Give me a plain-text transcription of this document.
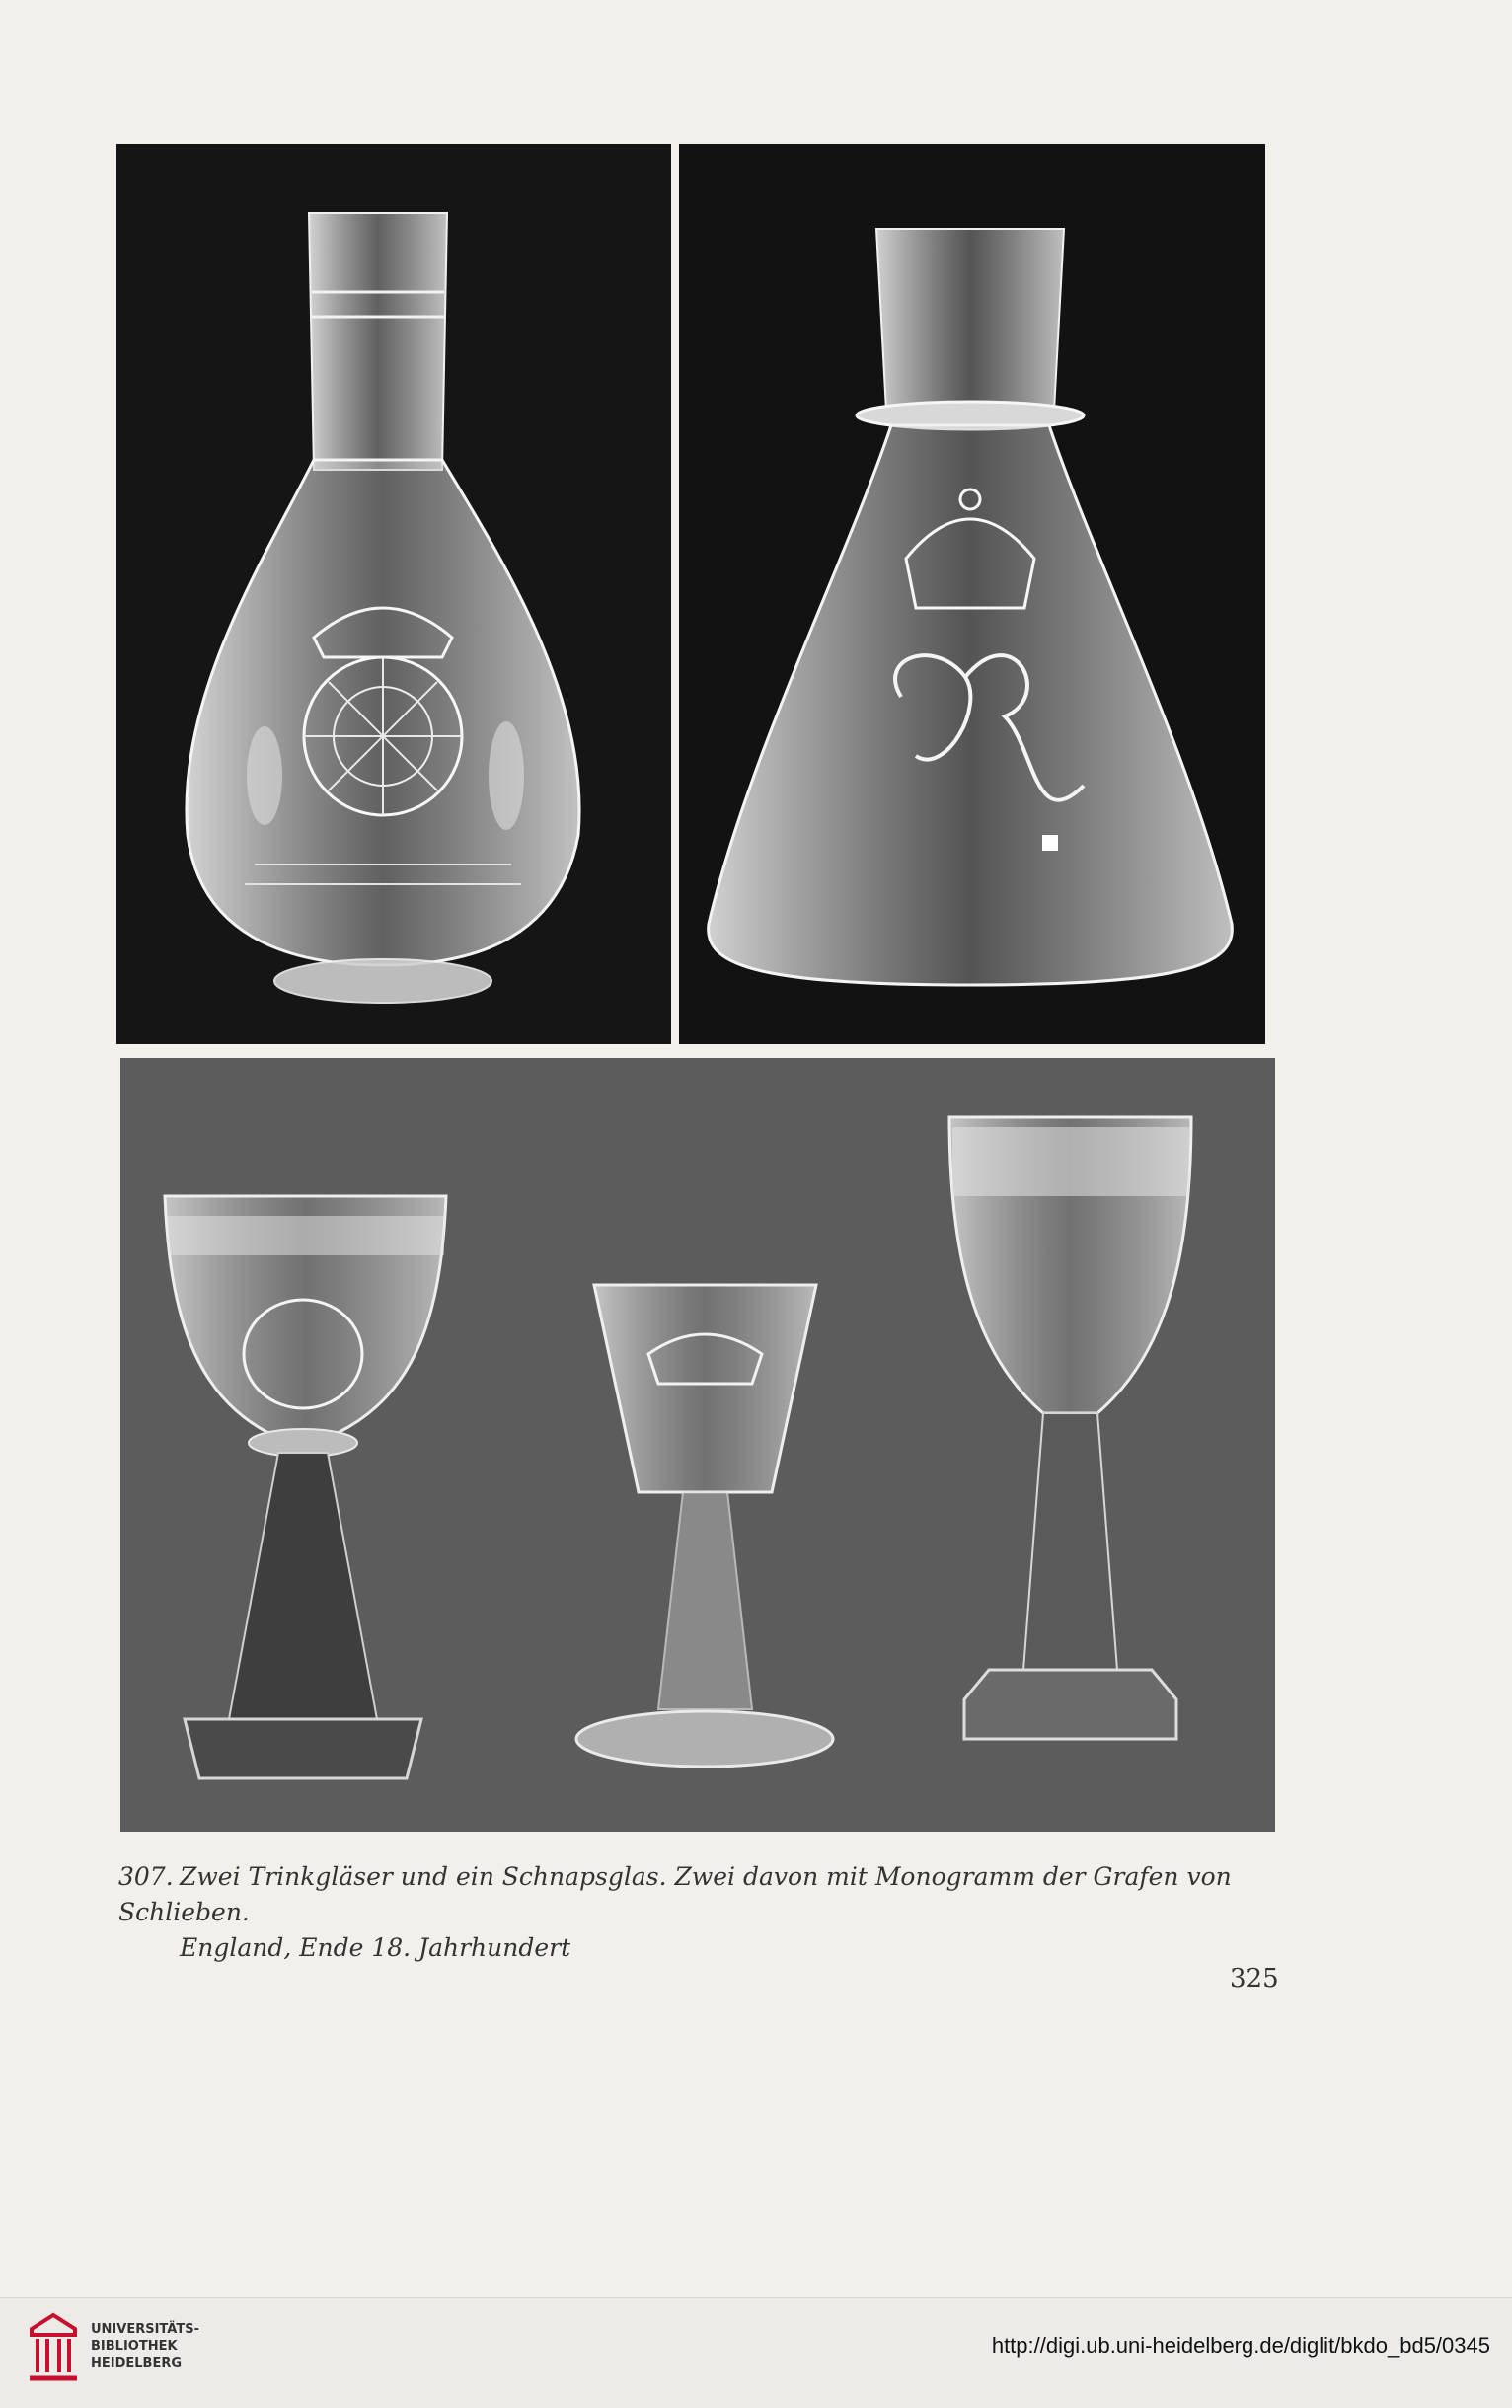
307. Zwei Trinkgläser und ein Schnapsglas. Zwei davon mit Monogramm der Grafen von Schlieben.
England, Ende 18. Jahrhundert
325
UNIVERSITÄTS-
BIBLIOTHEK
HEIDELBERG
http://digi.ub.uni-heidelberg.de/diglit/bkdo_bd5/0345
